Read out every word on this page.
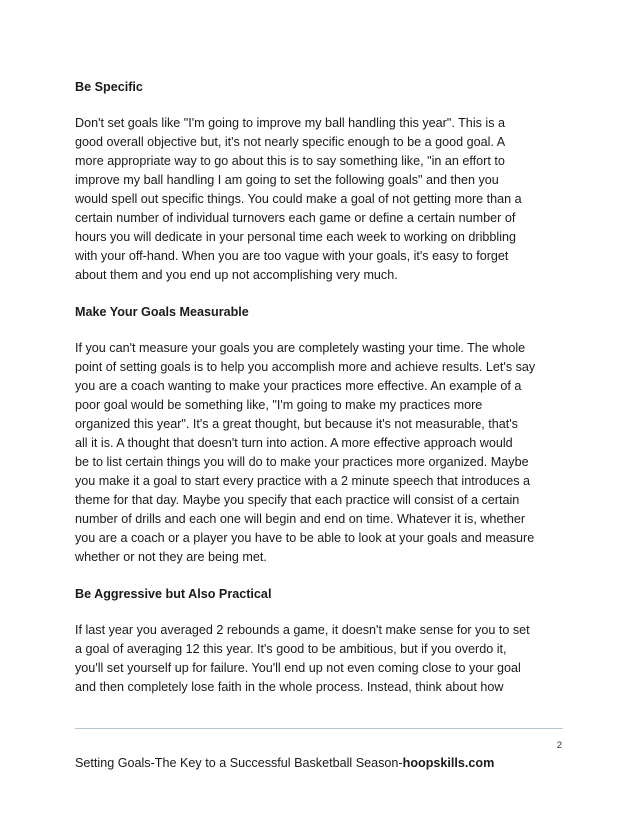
Be Specific
Don't set goals like "I'm going to improve my ball handling this year". This is a
good overall objective but, it's not nearly specific enough to be a good goal. A
more appropriate way to go about this is to say something like, "in an effort to
improve my ball handling I am going to set the following goals" and then you
would spell out specific things. You could make a goal of not getting more than a
certain number of individual turnovers each game or define a certain number of
hours you will dedicate in your personal time each week to working on dribbling
with your off-hand. When you are too vague with your goals, it's easy to forget
about them and you end up not accomplishing very much.
Make Your Goals Measurable
If you can't measure your goals you are completely wasting your time. The whole
point of setting goals is to help you accomplish more and achieve results. Let's say
you are a coach wanting to make your practices more effective. An example of a
poor goal would be something like, "I'm going to make my practices more
organized this year". It's a great thought, but because it's not measurable, that's
all it is. A thought that doesn't turn into action. A more effective approach would
be to list certain things you will do to make your practices more organized. Maybe
you make it a goal to start every practice with a 2 minute speech that introduces a
theme for that day. Maybe you specify that each practice will consist of a certain
number of drills and each one will begin and end on time. Whatever it is, whether
you are a coach or a player you have to be able to look at your goals and measure
whether or not they are being met.
Be Aggressive but Also Practical
If last year you averaged 2 rebounds a game, it doesn't make sense for you to set
a goal of averaging 12 this year. It's good to be ambitious, but if you overdo it,
you'll set yourself up for failure. You'll end up not even coming close to your goal
and then completely lose faith in the whole process. Instead, think about how
2
Setting Goals-The Key to a Successful Basketball Season-hoopskills.com
